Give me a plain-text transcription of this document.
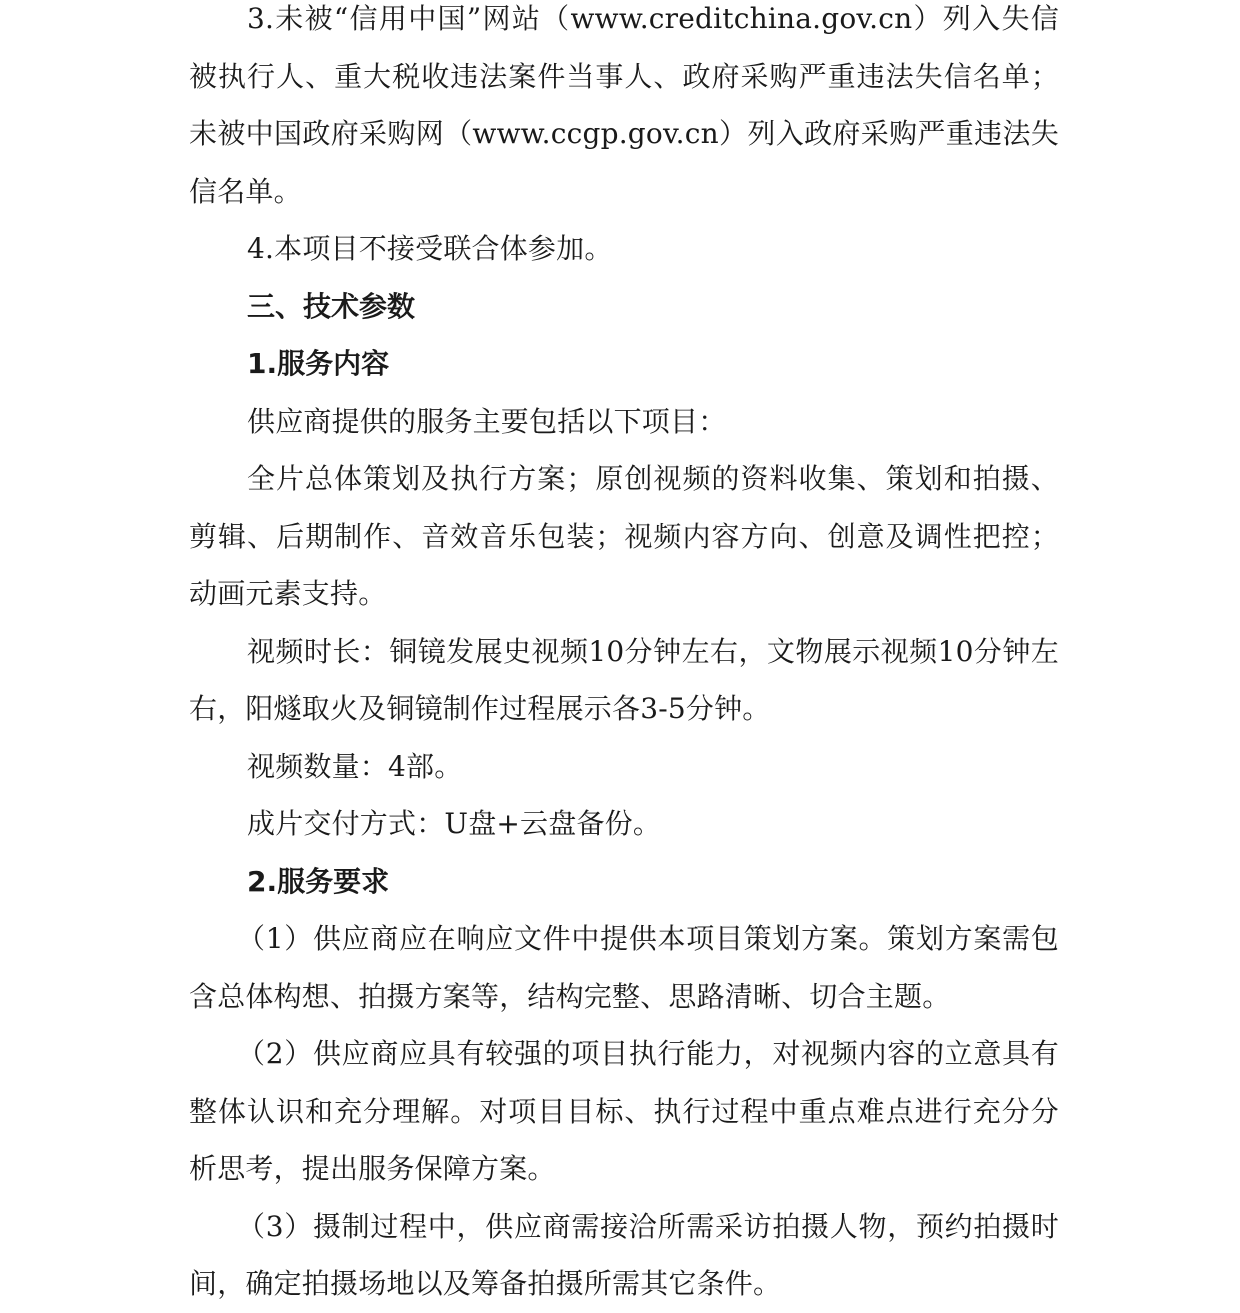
3.未被“信用中国”网站（www.creditchina.gov.cn）列入失信被执行人、重大税收违法案件当事人、政府采购严重违法失信名单；未被中国政府采购网（www.ccgp.gov.cn）列入政府采购严重违法失信名单。

4.本项目不接受联合体参加。

三、技术参数

1.服务内容

供应商提供的服务主要包括以下项目：

全片总体策划及执行方案；原创视频的资料收集、策划和拍摄、剪辑、后期制作、音效音乐包装；视频内容方向、创意及调性把控；动画元素支持。

视频时长：铜镜发展史视频10分钟左右，文物展示视频10分钟左右，阳燧取火及铜镜制作过程展示各3-5分钟。

视频数量：4部。

成片交付方式：U盘+云盘备份。

2.服务要求

（1）供应商应在响应文件中提供本项目策划方案。策划方案需包含总体构想、拍摄方案等，结构完整、思路清晰、切合主题。

（2）供应商应具有较强的项目执行能力，对视频内容的立意具有整体认识和充分理解。对项目目标、执行过程中重点难点进行充分分析思考，提出服务保障方案。

（3）摄制过程中，供应商需接洽所需采访拍摄人物，预约拍摄时间，确定拍摄场地以及筹备拍摄所需其它条件。
